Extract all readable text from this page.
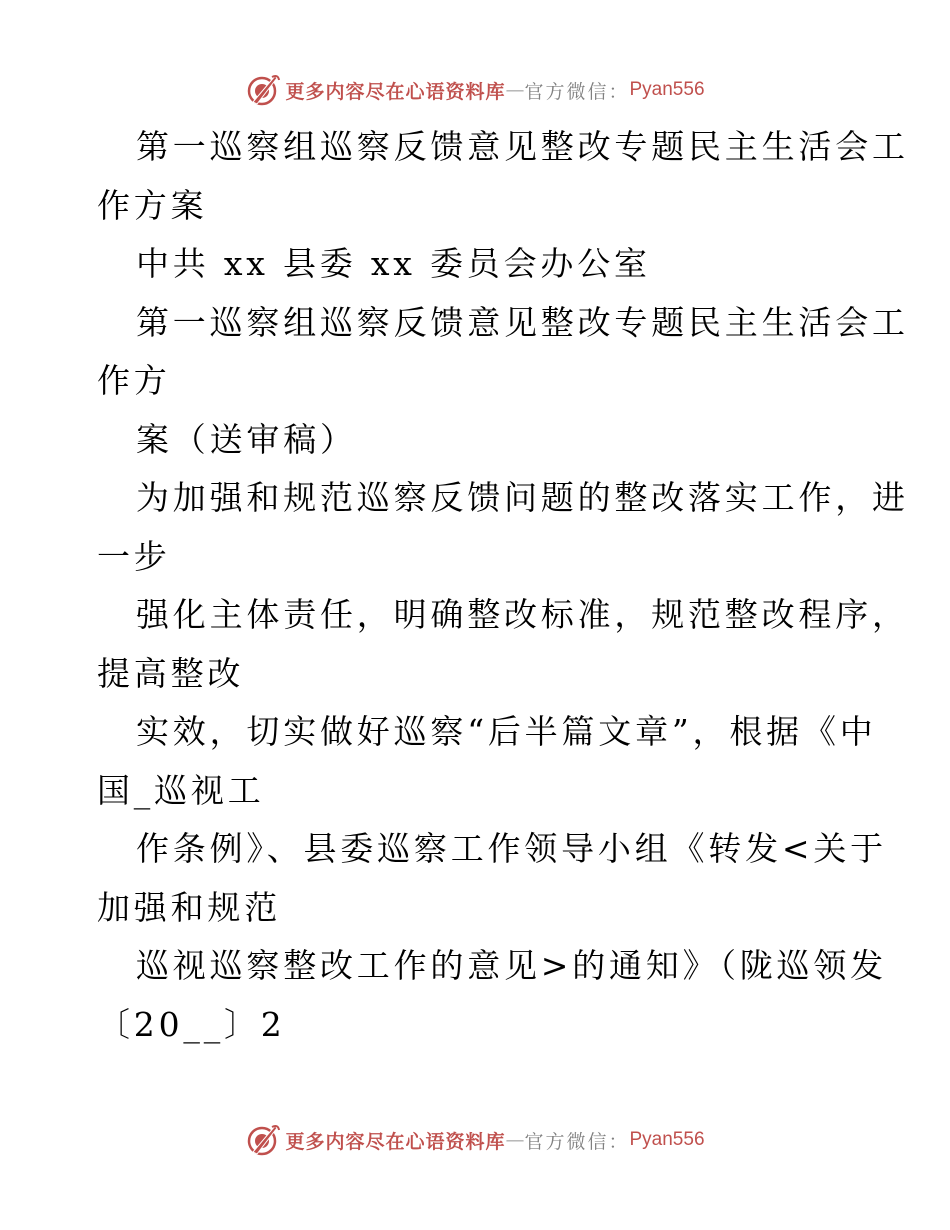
更多内容尽在心语资料库 — 官方微信： Pyan556
第一巡察组巡察反馈意见整改专题民主生活会工
作方案
中共 xx 县委 xx 委员会办公室
第一巡察组巡察反馈意见整改专题民主生活会工
作方
案（送审稿）
为加强和规范巡察反馈问题的整改落实工作，进
一步
强化主体责任，明确整改标准，规范整改程序，
提高整改
实效，切实做好巡察“后半篇文章”，根据《中
国_巡视工
作条例》、县委巡察工作领导小组《转发<关于
加强和规范
巡视巡察整改工作的意见>的通知》（陇巡领发
〔20__〕2
更多内容尽在心语资料库 — 官方微信： Pyan556
